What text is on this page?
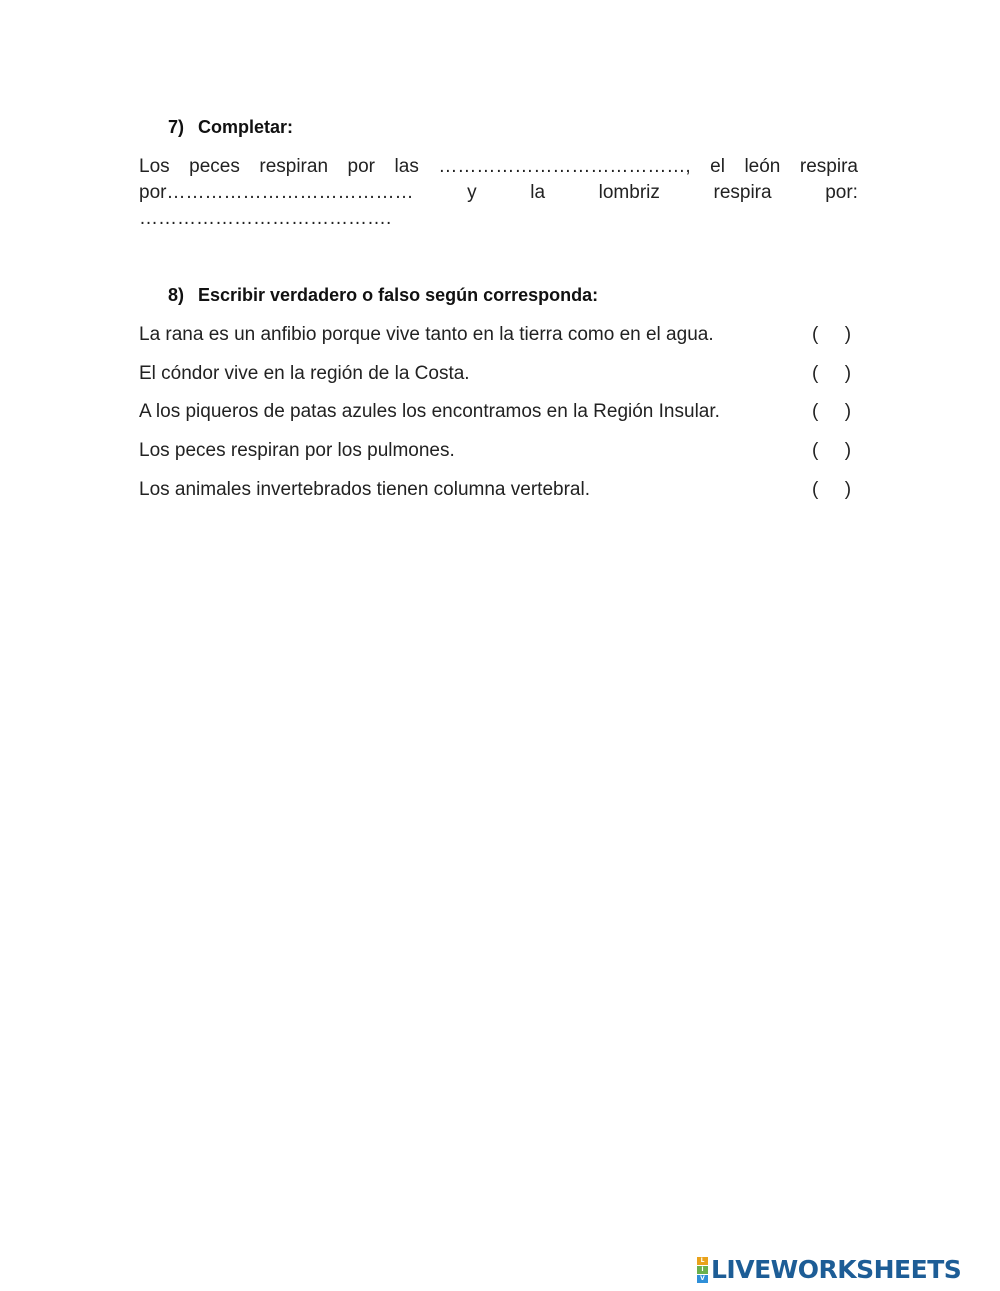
7) Completar:
Los peces respiran por las …………………………………, el león respira
por…………………………………	y	la	lombriz	respira	por:
………………………………….
8) Escribir verdadero o falso según corresponda:
La rana es un anfibio porque vive tanto en la tierra como en el agua.	(     )
El cóndor vive en la región de la Costa.	(     )
A los piqueros de patas azules los encontramos en la Región Insular.	(     )
Los peces respiran por los pulmones.	(     )
Los animales invertebrados tienen columna vertebral.	(     )
L
I
V LIVEWORKSHEETS
